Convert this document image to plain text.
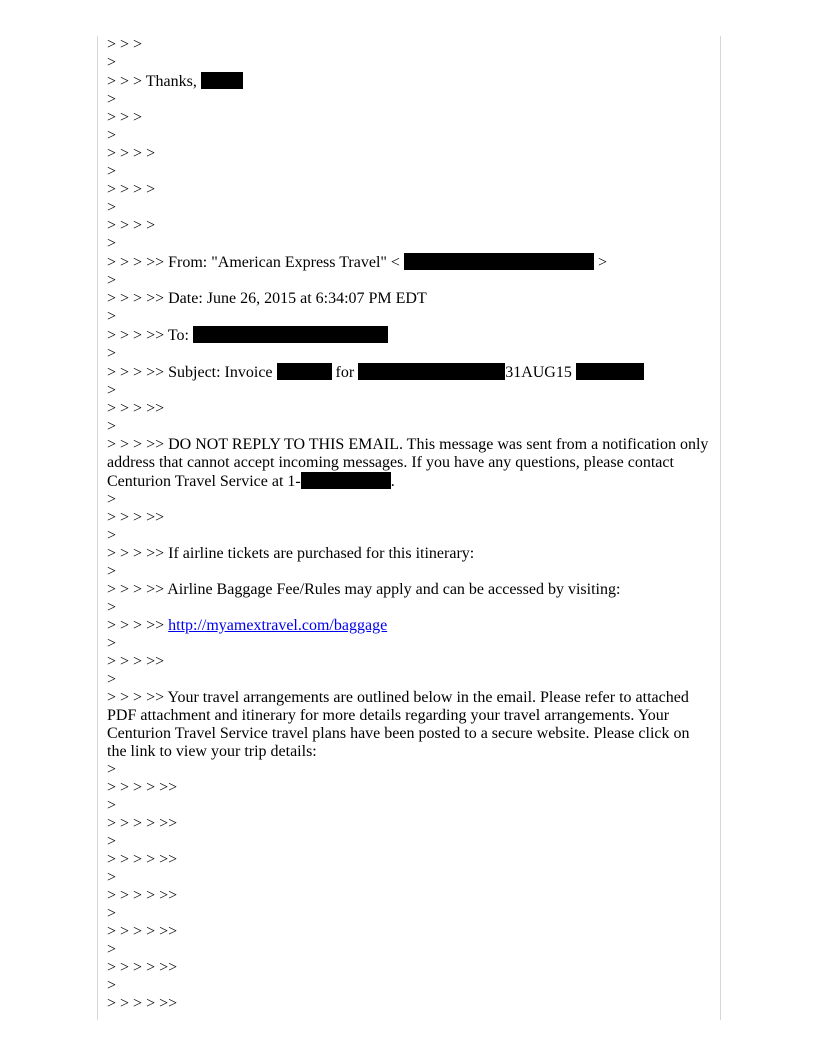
> > >

>

> > > Thanks,

>

> > >

>

> > > >

>

> > > >

>

> > > >

>

> > > >> From: "American Express Travel" <	>

>

> > > >> Date: June 26, 2015 at 6:34:07 PM EDT

>

> > > >> To:

>

> > > >> Subject: Invoice	for	31AUG15

>

> > > >>

>

> > > >> DO NOT REPLY TO THIS EMAIL. This message was sent from a notification only address that cannot accept incoming messages. If you have any questions, please contact Centurion Travel Service at 1-	.

>

> > > >>

>

> > > >> If airline tickets are purchased for this itinerary:

>

> > > >> Airline Baggage Fee/Rules may apply and can be accessed by visiting:

>

> > > >> http://myamextravel.com/baggage

>

> > > >>

>

> > > >> Your travel arrangements are outlined below in the email. Please refer to attached PDF attachment and itinerary for more details regarding your travel arrangements. Your Centurion Travel Service travel plans have been posted to a secure website. Please click on the link to view your trip details:

>

> > > > >>

>

> > > > >>

>

> > > > >>

>

> > > > >>

>

> > > > >>

>

> > > > >>

>

> > > > >>
